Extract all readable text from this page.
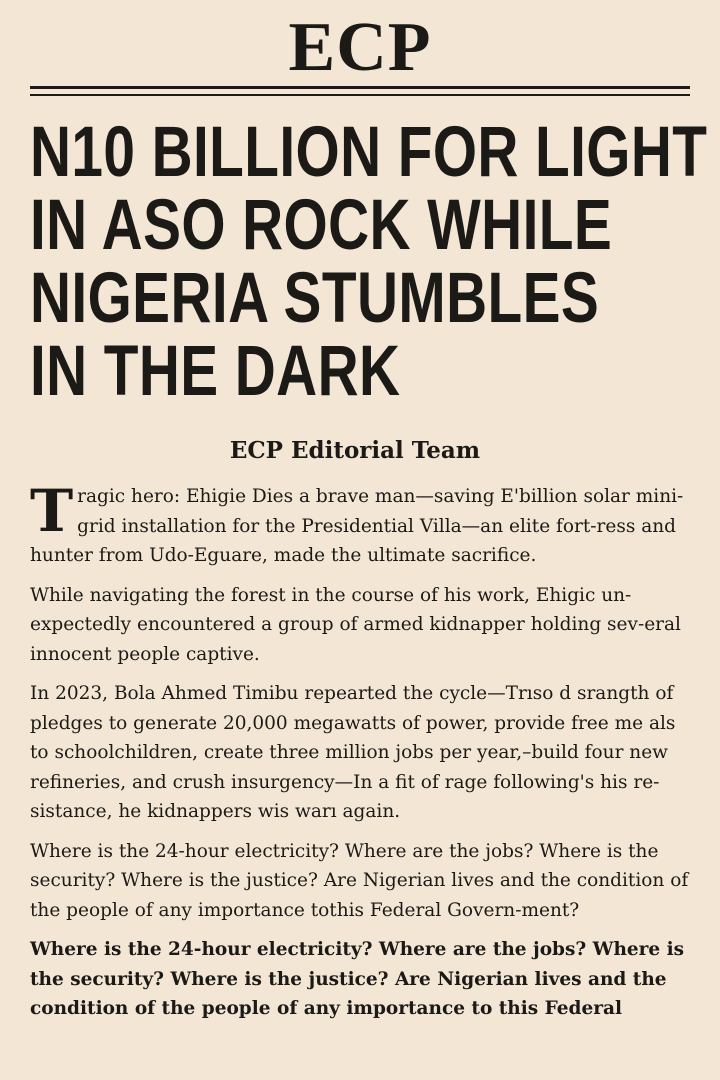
ECP
N10 BILLION FOR LIGHT
IN ASO ROCK WHILE
NIGERIA STUMBLES
IN THE DARK
ECP Editorial Team

Tragic hero: Ehigie Dies a brave man—saving E'billion solar mini-grid installation for the Presidential Villa—an elite fort-ress and hunter from Udo-Eguare, made the ultimate sacrifice.

While navigating the forest in the course of his work, Ehigic un-expectedly encountered a group of armed kidnapper holding sev-eral innocent people captive.

In 2023, Bola Ahmed Timibu repearted the cycle—Trıso d srangth of pledges to generate 20,000 megawatts of power, provide free me als to schoolchildren, create three million jobs per year,–build four new refineries, and crush insurgency—In a fit of rage following's his re-sistance, he kidnappers wis warı again.

Where is the 24-hour electricity? Where are the jobs? Where is the security? Where is the justice? Are Nigerian lives and the condition of the people of any importance tothis Federal Govern-ment?

Where is the 24-hour electricity? Where are the jobs? Where is the security? Where is the justice? Are Nigerian lives and the condition of the people of any importance to this Federal
